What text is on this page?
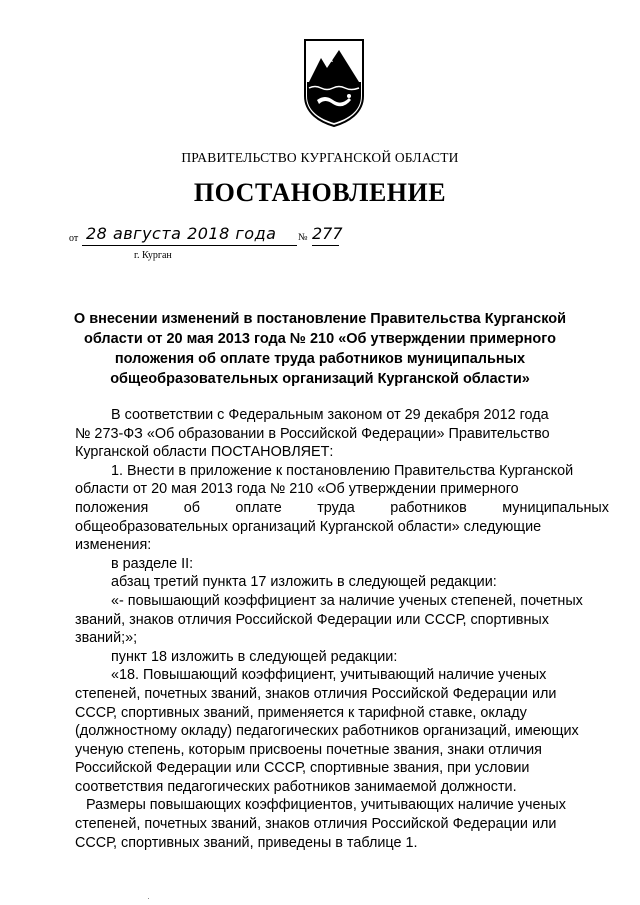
ПРАВИТЕЛЬСТВО КУРГАНСКОЙ ОБЛАСТИ
ПОСТАНОВЛЕНИЕ
от 28 августа 2018 года № 277
г. Курган
О внесении изменений в постановление Правительства Курганской
области от 20 мая 2013 года № 210 «Об утверждении примерного
положения об оплате труда работников муниципальных
общеобразовательных организаций Курганской области»
В соответствии с Федеральным законом от 29 декабря 2012 года
№ 273-ФЗ «Об образовании в Российской Федерации» Правительство
Курганской области ПОСТАНОВЛЯЕТ:
1. Внести в приложение к постановлению Правительства Курганской
области от 20 мая 2013 года № 210 «Об утверждении примерного
положения об оплате труда работников муниципальных
общеобразовательных организаций Курганской области» следующие
изменения:
в разделе II:
абзац третий пункта 17 изложить в следующей редакции:
«- повышающий коэффициент за наличие ученых степеней, почетных
званий, знаков отличия Российской Федерации или СССР, спортивных
званий;»;
пункт 18 изложить в следующей редакции:
«18. Повышающий коэффициент, учитывающий наличие ученых
степеней, почетных званий, знаков отличия Российской Федерации или
СССР, спортивных званий, применяется к тарифной ставке, окладу
(должностному окладу) педагогических работников организаций, имеющих
ученую степень, которым присвоены почетные звания, знаки отличия
Российской Федерации или СССР, спортивные звания, при условии
соответствия педагогических работников занимаемой должности.
Размеры повышающих коэффициентов, учитывающих наличие ученых
степеней, почетных званий, знаков отличия Российской Федерации или
СССР, спортивных званий, приведены в таблице 1.
